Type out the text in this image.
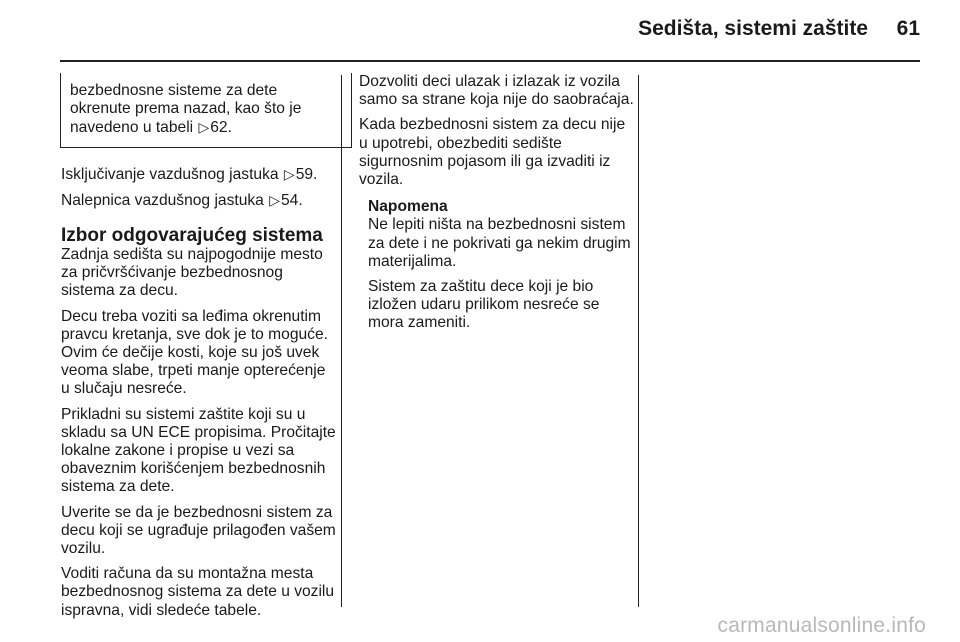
Sedišta, sistemi zaštite	61
bezbednosne sisteme za dete
okrenute prema nazad, kao što je
navedeno u tabeli ▷62.

Isključivanje vazdušnog jastuka ▷59.

Nalepnica vazdušnog jastuka ▷54.

Izbor odgovarajućeg sistema

Zadnja sedišta su najpogodnije mesto za pričvršćivanje bezbednosnog sistema za decu.

Decu treba voziti sa leđima okrenutim pravcu kretanja, sve dok je to moguće. Ovim će dečije kosti, koje su još uvek veoma slabe, trpeti manje opterećenje u slučaju nesreće.

Prikladni su sistemi zaštite koji su u skladu sa UN ECE propisima. Pročitajte lokalne zakone i propise u vezi sa obaveznim korišćenjem bezbednosnih sistema za dete.

Uverite se da je bezbednosni sistem za decu koji se ugrađuje prilagođen vašem vozilu.

Voditi računa da su montažna mesta bezbednosnog sistema za dete u vozilu ispravna, vidi sledeće tabele.

Dozvoliti deci ulazak i izlazak iz vozila samo sa strane koja nije do saobraćaja.

Kada bezbednosni sistem za decu nije u upotrebi, obezbediti sedište sigurnosnim pojasom ili ga izvaditi iz vozila.

Napomena

Ne lepiti ništa na bezbednosni sistem za dete i ne pokrivati ga nekim drugim materijalima.

Sistem za zaštitu dece koji je bio izložen udaru prilikom nesreće se mora zameniti.

carmanualsonline.info
